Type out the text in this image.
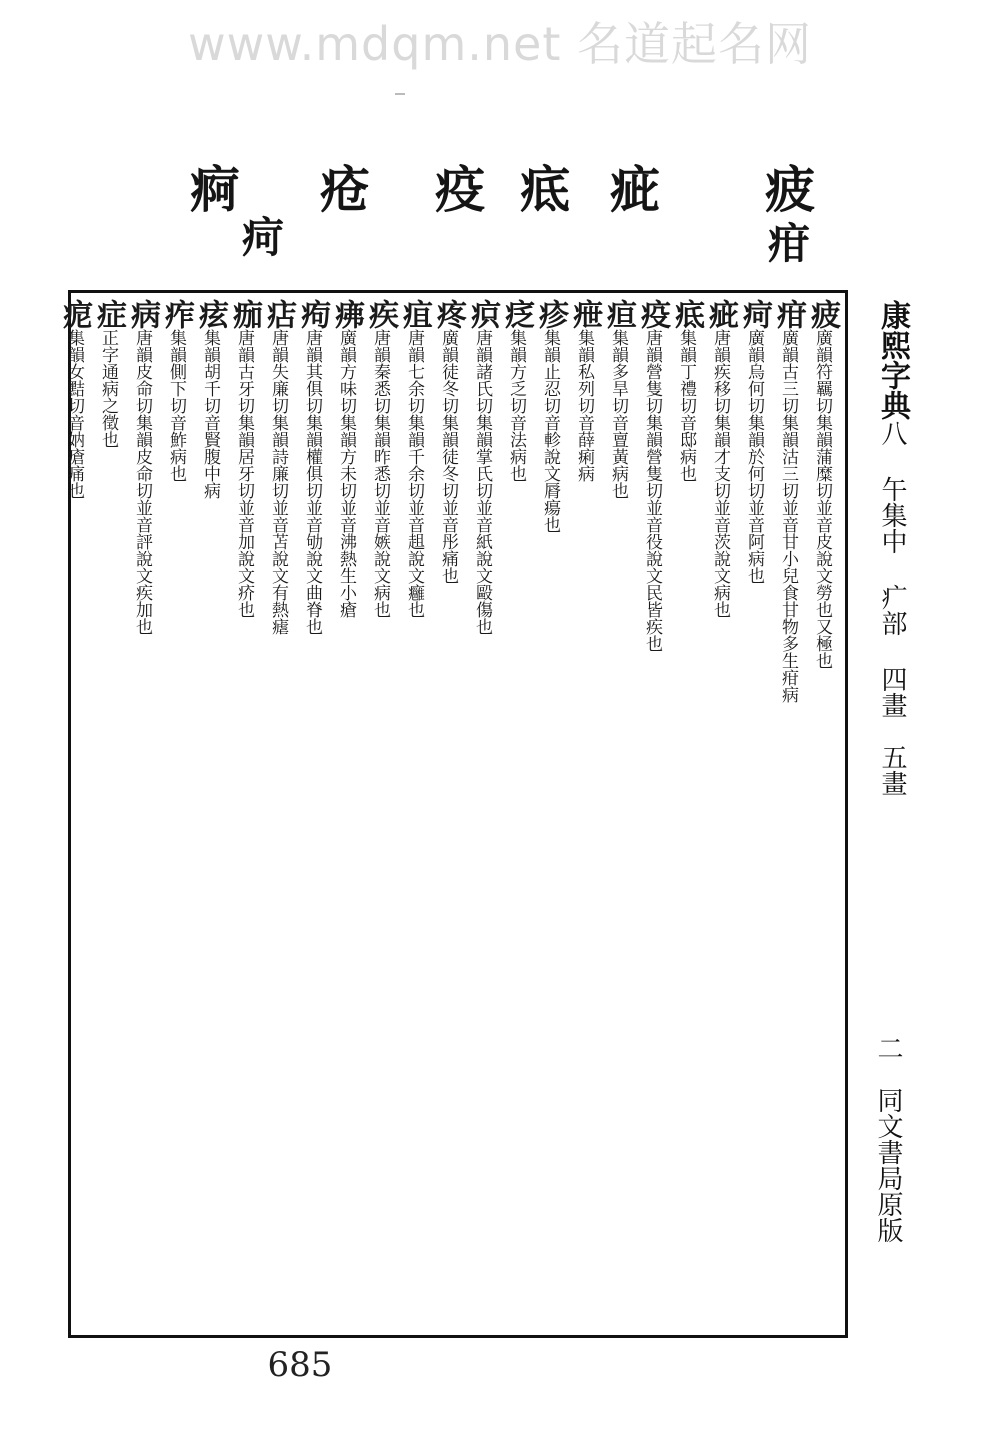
www.mdqm.net 名道起名网
痾
疴
疮 疫 疷 疵 疲
疳

疲廣韻符羈切集韻蒲糜切並音皮說文勞也又極也

疳廣韻古三切集韻沽三切並音甘小兒食甘物多生疳病

疴廣韻烏何切集韻於何切並音阿病也

疵唐韻疾移切集韻才支切並音茨說文病也

疷集韻丁禮切音邸病也

疫唐韻營隻切集韻營隻切並音役說文民皆疾也

疸集韻多旱切音亶黃病也

疶集韻私列切音薛痢病

疹集韻止忍切音軫說文脣瘍也

疺集韻方乏切音法病也

疻唐韻諸氏切集韻掌氏切並音紙說文毆傷也

疼廣韻徒冬切集韻徒冬切並音彤痛也

疽唐韻七余切集韻千余切並音趄說文癰也

疾唐韻秦悉切集韻昨悉切並音嫉說文病也

疿廣韻方味切集韻方未切並音沸熱生小瘡

痀唐韻其俱切集韻權俱切並音劬說文曲脊也

痁唐韻失廉切集韻詩廉切並音苫說文有熱瘧

痂唐韻古牙切集韻居牙切並音加說文疥也

痃集韻胡千切音賢腹中病

痄集韻側下切音鮓病也

病唐韻皮命切集韻皮命切並音評說文疾加也

症正字通病之徵也

痆集韻女黠切音妠瘡痛也	康熙字典八 午集中 疒部 四畫　五畫
二　同文書局原版
685
